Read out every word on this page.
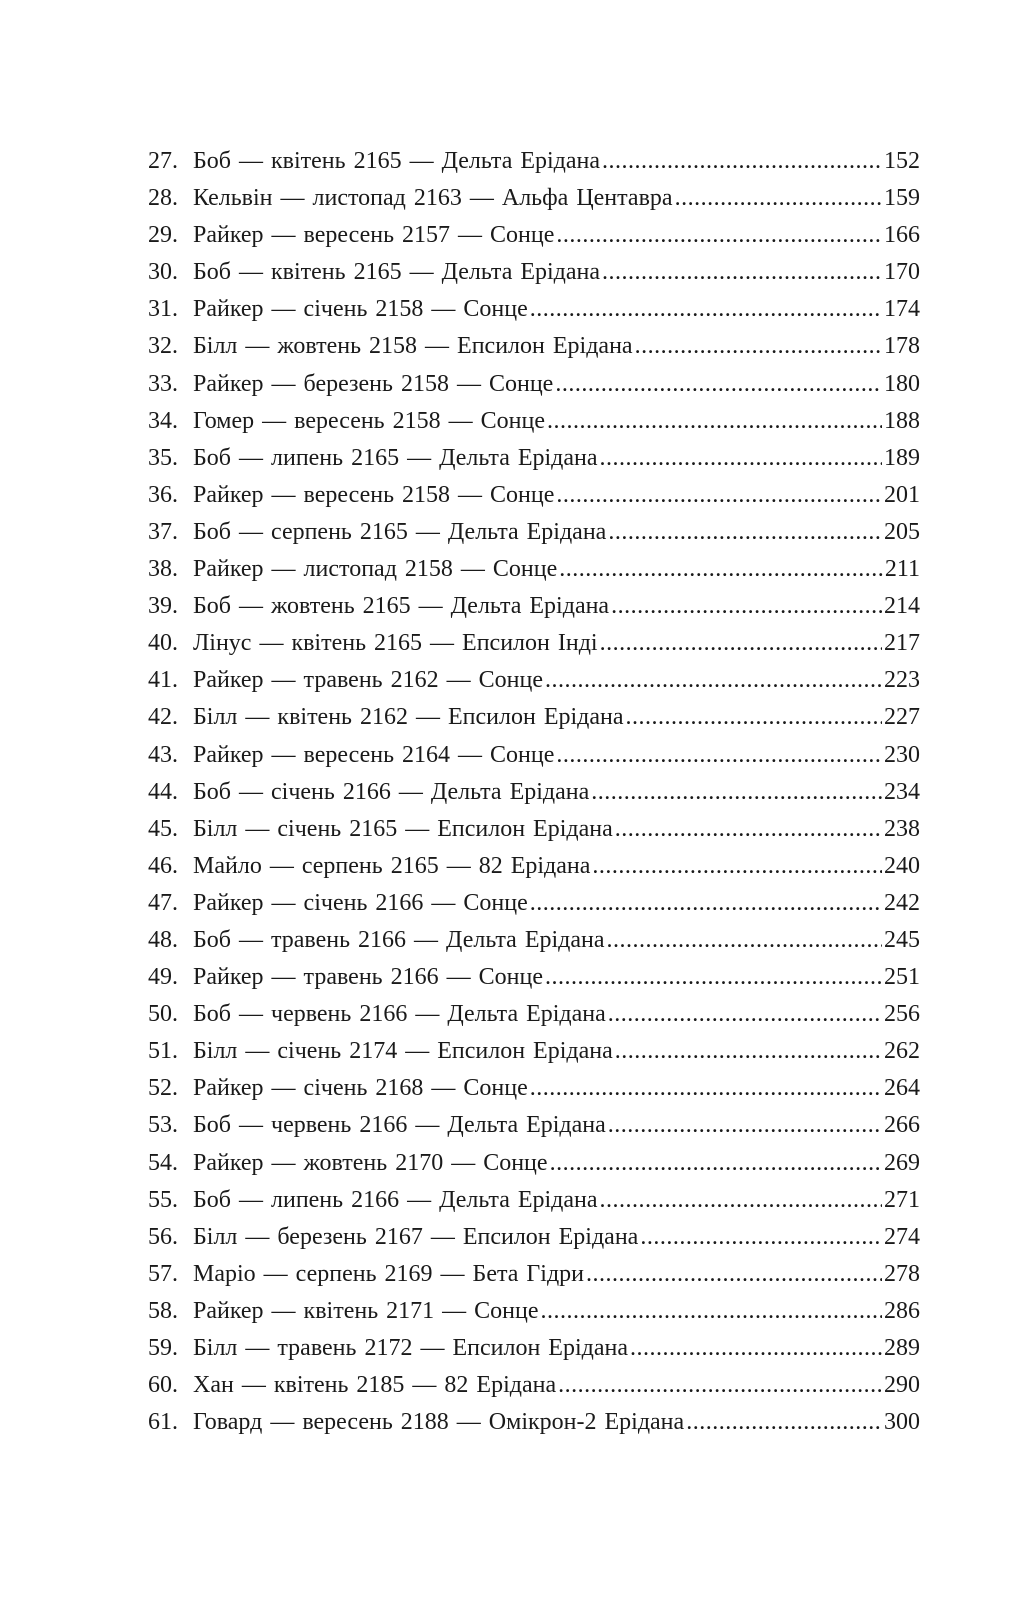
27. Боб — квітень 2165 — Дельта Ерідана .....	152
28. Кельвін — листопад 2163 — Альфа Центавра .....	159
29. Райкер — вересень 2157 — Сонце .....	166
30. Боб — квітень 2165 — Дельта Ерідана .....	170
31. Райкер — січень 2158 — Сонце .....	174
32. Білл — жовтень 2158 — Епсилон Ерідана .....	178
33. Райкер — березень 2158 — Сонце .....	180
34. Гомер — вересень 2158 — Сонце .....	188
35. Боб — липень 2165 — Дельта Ерідана .....	189
36. Райкер — вересень 2158 — Сонце .....	201
37. Боб — серпень 2165 — Дельта Ерідана .....	205
38. Райкер — листопад 2158 — Сонце .....	211
39. Боб — жовтень 2165 — Дельта Ерідана .....	214
40. Лінус — квітень 2165 — Епсилон Інді .....	217
41. Райкер — травень 2162 — Сонце .....	223
42. Білл — квітень 2162 — Епсилон Ерідана .....	227
43. Райкер — вересень 2164 — Сонце .....	230
44. Боб — січень 2166 — Дельта Ерідана .....	234
45. Білл — січень 2165 — Епсилон Ерідана .....	238
46. Майло — серпень 2165 — 82 Ерідана .....	240
47. Райкер — січень 2166 — Сонце .....	242
48. Боб — травень 2166 — Дельта Ерідана .....	245
49. Райкер — травень 2166 — Сонце .....	251
50. Боб — червень 2166 — Дельта Ерідана .....	256
51. Білл — січень 2174 — Епсилон Ерідана .....	262
52. Райкер — січень 2168 — Сонце .....	264
53. Боб — червень 2166 — Дельта Ерідана .....	266
54. Райкер — жовтень 2170 — Сонце .....	269
55. Боб — липень 2166 — Дельта Ерідана .....	271
56. Білл — березень 2167 — Епсилон Ерідана .....	274
57. Маріо — серпень 2169 — Бета Гідри .....	278
58. Райкер — квітень 2171 — Сонце .....	286
59. Білл — травень 2172 — Епсилон Ерідана .....	289
60. Хан — квітень 2185 — 82 Ерідана .....	290
61. Говард — вересень 2188 — Омікрон-2 Ерідана .....	300
